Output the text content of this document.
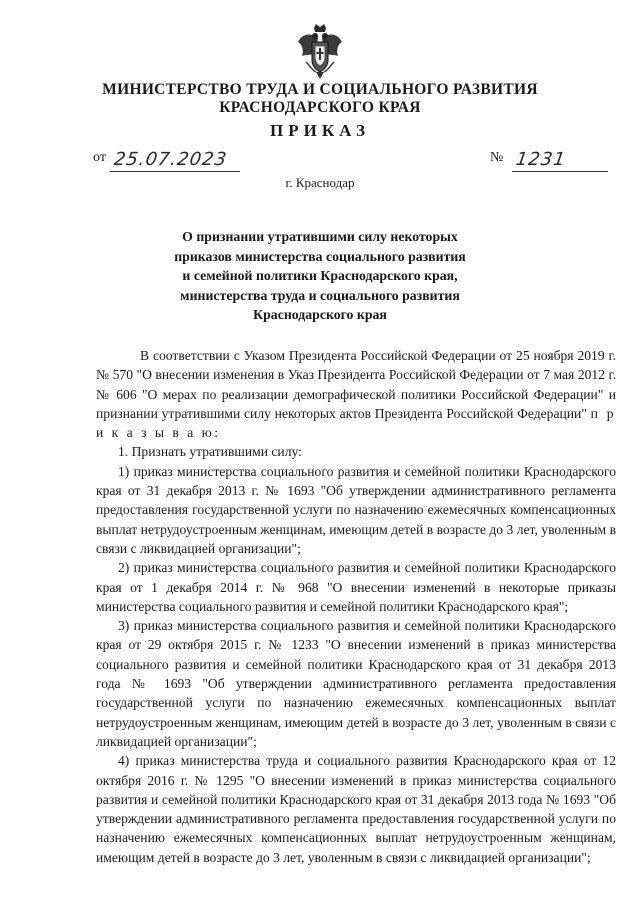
МИНИСТЕРСТВО ТРУДА И СОЦИАЛЬНОГО РАЗВИТИЯ
КРАСНОДАРСКОГО КРАЯ
ПРИКАЗ
от 25.07.2023	№ 1231
г. Краснодар
О признании утратившими силу некоторых
приказов министерства социального развития
и семейной политики Краснодарского края,
министерства труда и социального развития
Краснодарского края

В соответствии с Указом Президента Российской Федерации от 25 ноября 2019 г. № 570 "О внесении изменения в Указ Президента Российской Федерации от 7 мая 2012 г. № 606 "О мерах по реализации демографической политики Российской Федерации" и признании утратившими силу некоторых актов Президента Российской Федерации" п р и к а з ы в а ю:

1. Признать утратившими силу:

1) приказ министерства социального развития и семейной политики Краснодарского края от 31 декабря 2013 г. № 1693 "Об утверждении административного регламента предоставления государственной услуги по назначению ежемесячных компенсационных выплат нетрудоустроенным женщинам, имеющим детей в возрасте до 3 лет, уволенным в связи с ликвидацией организации";

2) приказ министерства социального развития и семейной политики Краснодарского края от 1 декабря 2014 г. № 968 "О внесении изменений в некоторые приказы министерства социального развития и семейной политики Краснодарского края";

3) приказ министерства социального развития и семейной политики Краснодарского края от 29 октября 2015 г. № 1233 "О внесении изменений в приказ министерства социального развития и семейной политики Краснодарского края от 31 декабря 2013 года № 1693 "Об утверждении административного регламента предоставления государственной услуги по назначению ежемесячных компенсационных выплат нетрудоустроенным женщинам, имеющим детей в возрасте до 3 лет, уволенным в связи с ликвидацией организации";

4) приказ министерства труда и социального развития Краснодарского края от 12 октября 2016 г. № 1295 "О внесении изменений в приказ министерства социального развития и семейной политики Краснодарского края от 31 декабря 2013 года № 1693 "Об утверждении административного регламента предоставления государственной услуги по назначению ежемесячных компенсационных выплат нетрудоустроенным женщинам, имеющим детей в возрасте до 3 лет, уволенным в связи с ликвидацией организации";
